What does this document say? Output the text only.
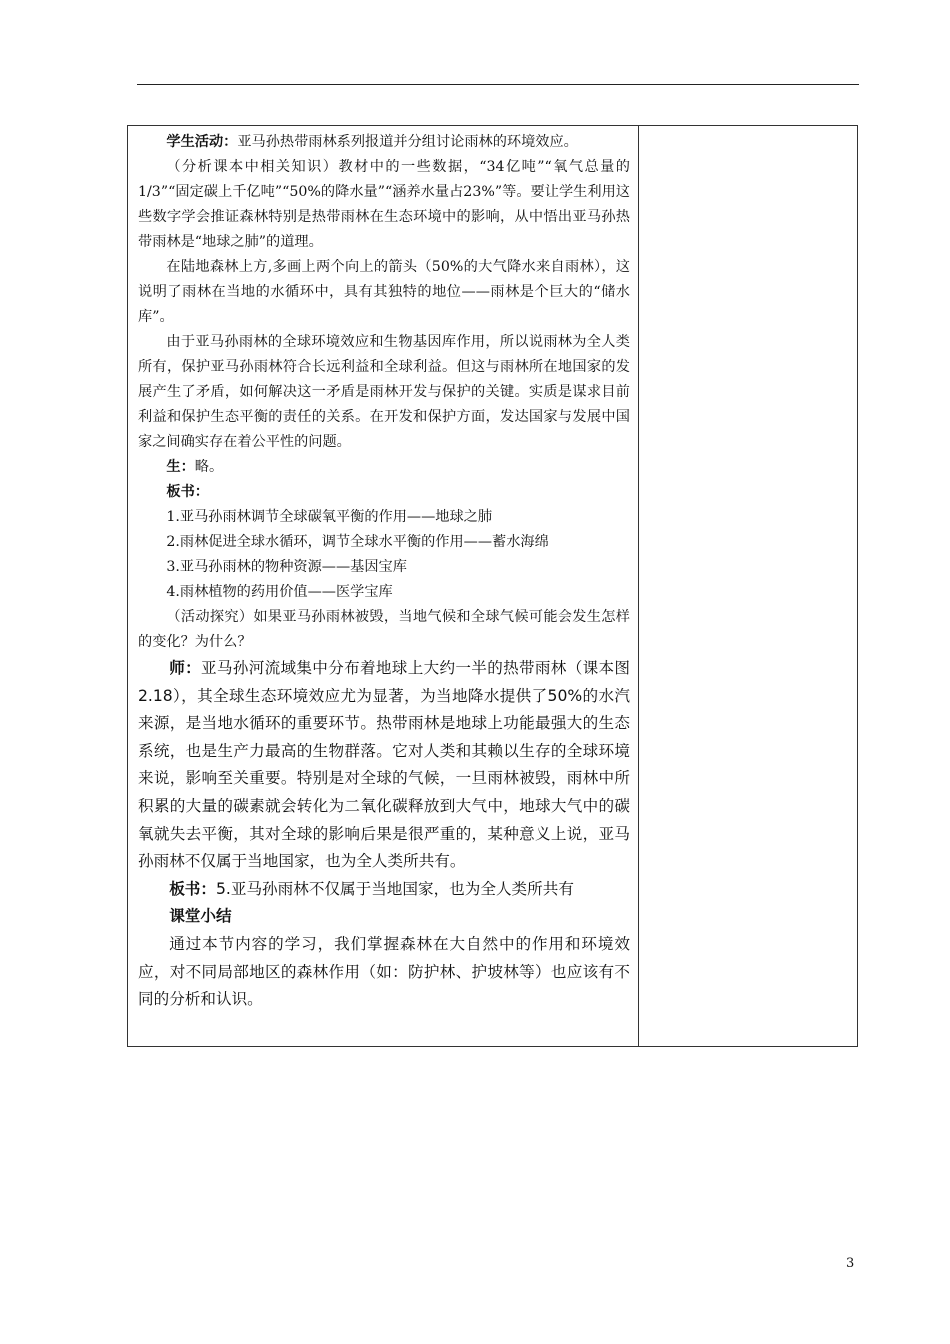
学生活动：亚马孙热带雨林系列报道并分组讨论雨林的环境效应。

（分析课本中相关知识）教材中的一些数据，“34亿吨”“氧气总量的1/3”“固定碳上千亿吨”“50%的降水量”“涵养水量占23%”等。要让学生利用这些数字学会推证森林特别是热带雨林在生态环境中的影响，从中悟出亚马孙热带雨林是“地球之肺”的道理。

在陆地森林上方,多画上两个向上的箭头（50%的大气降水来自雨林），这说明了雨林在当地的水循环中，具有其独特的地位——雨林是个巨大的“储水库”。

由于亚马孙雨林的全球环境效应和生物基因库作用，所以说雨林为全人类所有，保护亚马孙雨林符合长远利益和全球利益。但这与雨林所在地国家的发展产生了矛盾，如何解决这一矛盾是雨林开发与保护的关键。实质是谋求目前利益和保护生态平衡的责任的关系。在开发和保护方面，发达国家与发展中国家之间确实存在着公平性的问题。

生：略。

板书：

1.亚马孙雨林调节全球碳氧平衡的作用——地球之肺
2.雨林促进全球水循环，调节全球水平衡的作用——蓄水海绵
3.亚马孙雨林的物种资源——基因宝库
4.雨林植物的药用价值——医学宝库

（活动探究）如果亚马孙雨林被毁，当地气候和全球气候可能会发生怎样的变化？为什么？

师：亚马孙河流域集中分布着地球上大约一半的热带雨林（课本图2.18），其全球生态环境效应尤为显著，为当地降水提供了50%的水汽来源，是当地水循环的重要环节。热带雨林是地球上功能最强大的生态系统，也是生产力最高的生物群落。它对人类和其赖以生存的全球环境来说，影响至关重要。特别是对全球的气候，一旦雨林被毁，雨林中所积累的大量的碳素就会转化为二氧化碳释放到大气中，地球大气中的碳氧就失去平衡，其对全球的影响后果是很严重的，某种意义上说，亚马孙雨林不仅属于当地国家，也为全人类所共有。

板书：5.亚马孙雨林不仅属于当地国家，也为全人类所共有

课堂小结

通过本节内容的学习，我们掌握森林在大自然中的作用和环境效应，对不同局部地区的森林作用（如：防护林、护坡林等）也应该有不同的分析和认识。

3
